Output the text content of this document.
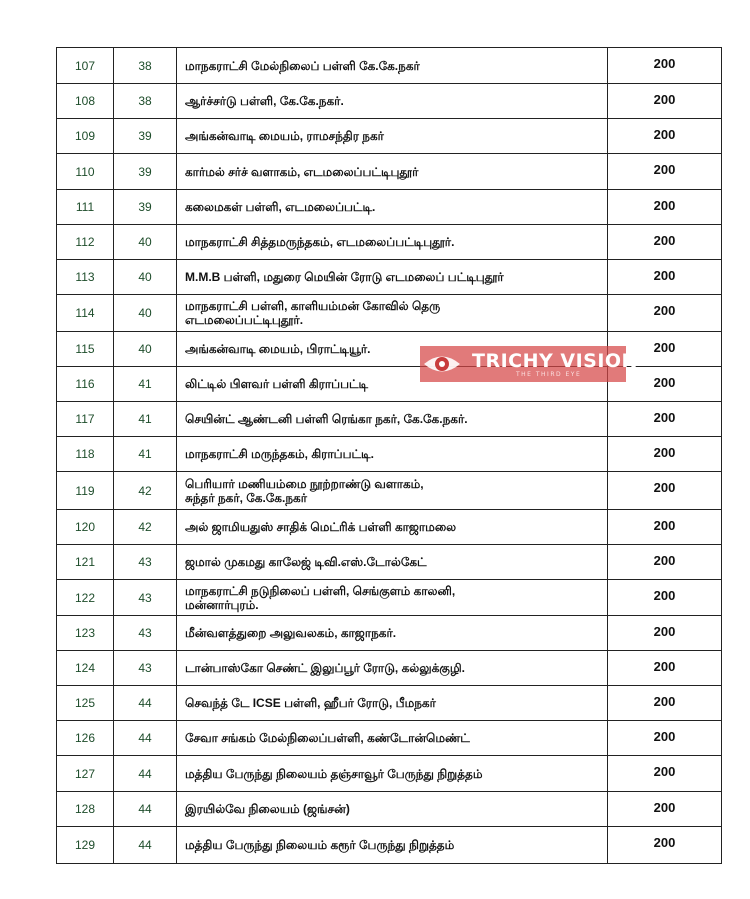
107	38	மாநகராட்சி மேல்நிலைப் பள்ளி கே.கே.நகர்	200
108	38	ஆர்ச்சர்டு பள்ளி, கே.கே.நகர்.	200
109	39	அங்கன்வாடி மையம், ராமசந்திர நகர்	200
110	39	கார்மல் சர்ச் வளாகம், எடமலைப்பட்டிபுதூர்	200
111	39	கலைமகள் பள்ளி, எடமலைப்பட்டி.	200
112	40	மாநகராட்சி சித்தமருந்தகம், எடமலைப்பட்டிபுதூர்.	200
113	40	M.M.B பள்ளி, மதுரை மெயின் ரோடு எடமலைப் பட்டிபுதூர்	200
114	40	மாநகராட்சி பள்ளி, காளியம்மன் கோவில் தெரு
எடமலைப்பட்டிபுதூர்.	200
115	40	அங்கன்வாடி மையம், பிராட்டியூர்.	200
116	41	லிட்டில் பிளவர் பள்ளி கிராப்பட்டி	200
117	41	செயின்ட் ஆண்டனி பள்ளி ரெங்கா நகர், கே.கே.நகர்.	200
118	41	மாநகராட்சி மருந்தகம், கிராப்பட்டி.	200
119	42	பெரியார் மணியம்மை நூற்றாண்டு வளாகம்,
சுந்தர் நகர், கே.கே.நகர்	200
120	42	அல் ஜாமியதுஸ் சாதிக் மெட்ரிக் பள்ளி காஜாமலை	200
121	43	ஜமால் முகமது காலேஜ் டிவி.எஸ்.டோல்கேட்	200
122	43	மாநகராட்சி நடுநிலைப் பள்ளி, செங்குளம் காலனி,
மன்னார்புரம்.	200
123	43	மீன்வளத்துறை அலுவலகம், காஜாநகர்.	200
124	43	டான்பாஸ்கோ செண்ட் இலுப்பூர் ரோடு, கல்லுக்குழி.	200
125	44	செவந்த் டே ICSE பள்ளி, ஹீபர் ரோடு, பீமநகர்	200
126	44	சேவா சங்கம் மேல்நிலைப்பள்ளி, கண்டோன்மெண்ட்	200
127	44	மத்திய பேருந்து நிலையம் தஞ்சாவூர் பேருந்து நிறுத்தம்	200
128	44	இரயில்வே நிலையம் (ஜங்சன்)	200
129	44	மத்திய பேருந்து நிலையம் கரூர் பேருந்து நிறுத்தம்	200
TRICHY VISION
THE THIRD EYE
